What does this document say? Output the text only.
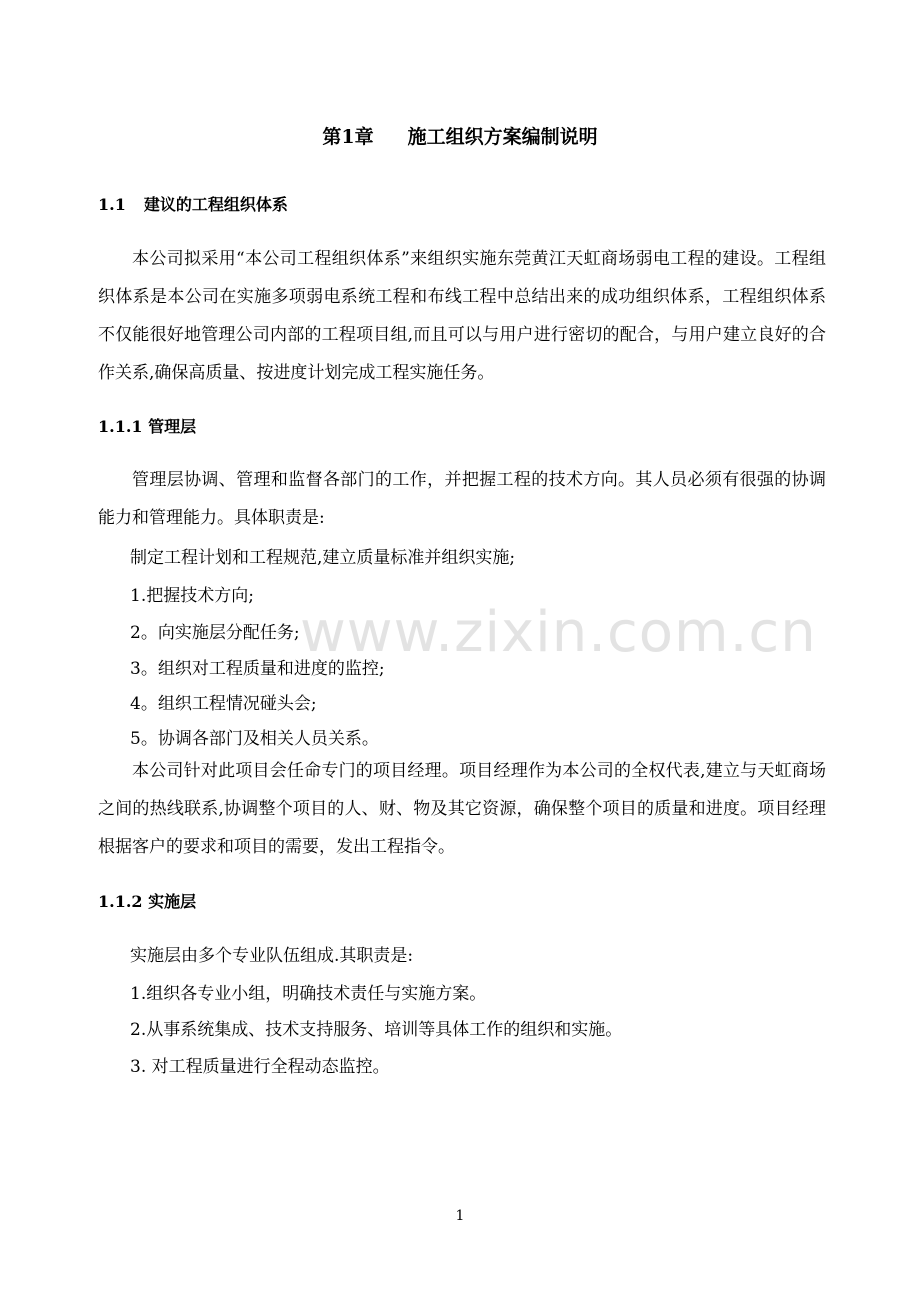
www.zixin.com.cn
第1章 施工组织方案编制说明
1.1 建议的工程组织体系

本公司拟采用“本公司工程组织体系”来组织实施东莞黄江天虹商场弱电工程的建设。工程组织体系是本公司在实施多项弱电系统工程和布线工程中总结出来的成功组织体系，工程组织体系不仅能很好地管理公司内部的工程项目组,而且可以与用户进行密切的配合，与用户建立良好的合作关系,确保高质量、按进度计划完成工程实施任务。

1.1.1 管理层

管理层协调、管理和监督各部门的工作，并把握工程的技术方向。其人员必须有很强的协调能力和管理能力。具体职责是:

制定工程计划和工程规范,建立质量标准并组织实施;
1.把握技术方向;
2。向实施层分配任务;
3。组织对工程质量和进度的监控;
4。组织工程情况碰头会;
5。协调各部门及相关人员关系。

本公司针对此项目会任命专门的项目经理。项目经理作为本公司的全权代表,建立与天虹商场之间的热线联系,协调整个项目的人、财、物及其它资源，确保整个项目的质量和进度。项目经理根据客户的要求和项目的需要，发出工程指令。

1.1.2 实施层
实施层由多个专业队伍组成.其职责是:
1.组织各专业小组，明确技术责任与实施方案。
2.从事系统集成、技术支持服务、培训等具体工作的组织和实施。
3. 对工程质量进行全程动态监控。
1
